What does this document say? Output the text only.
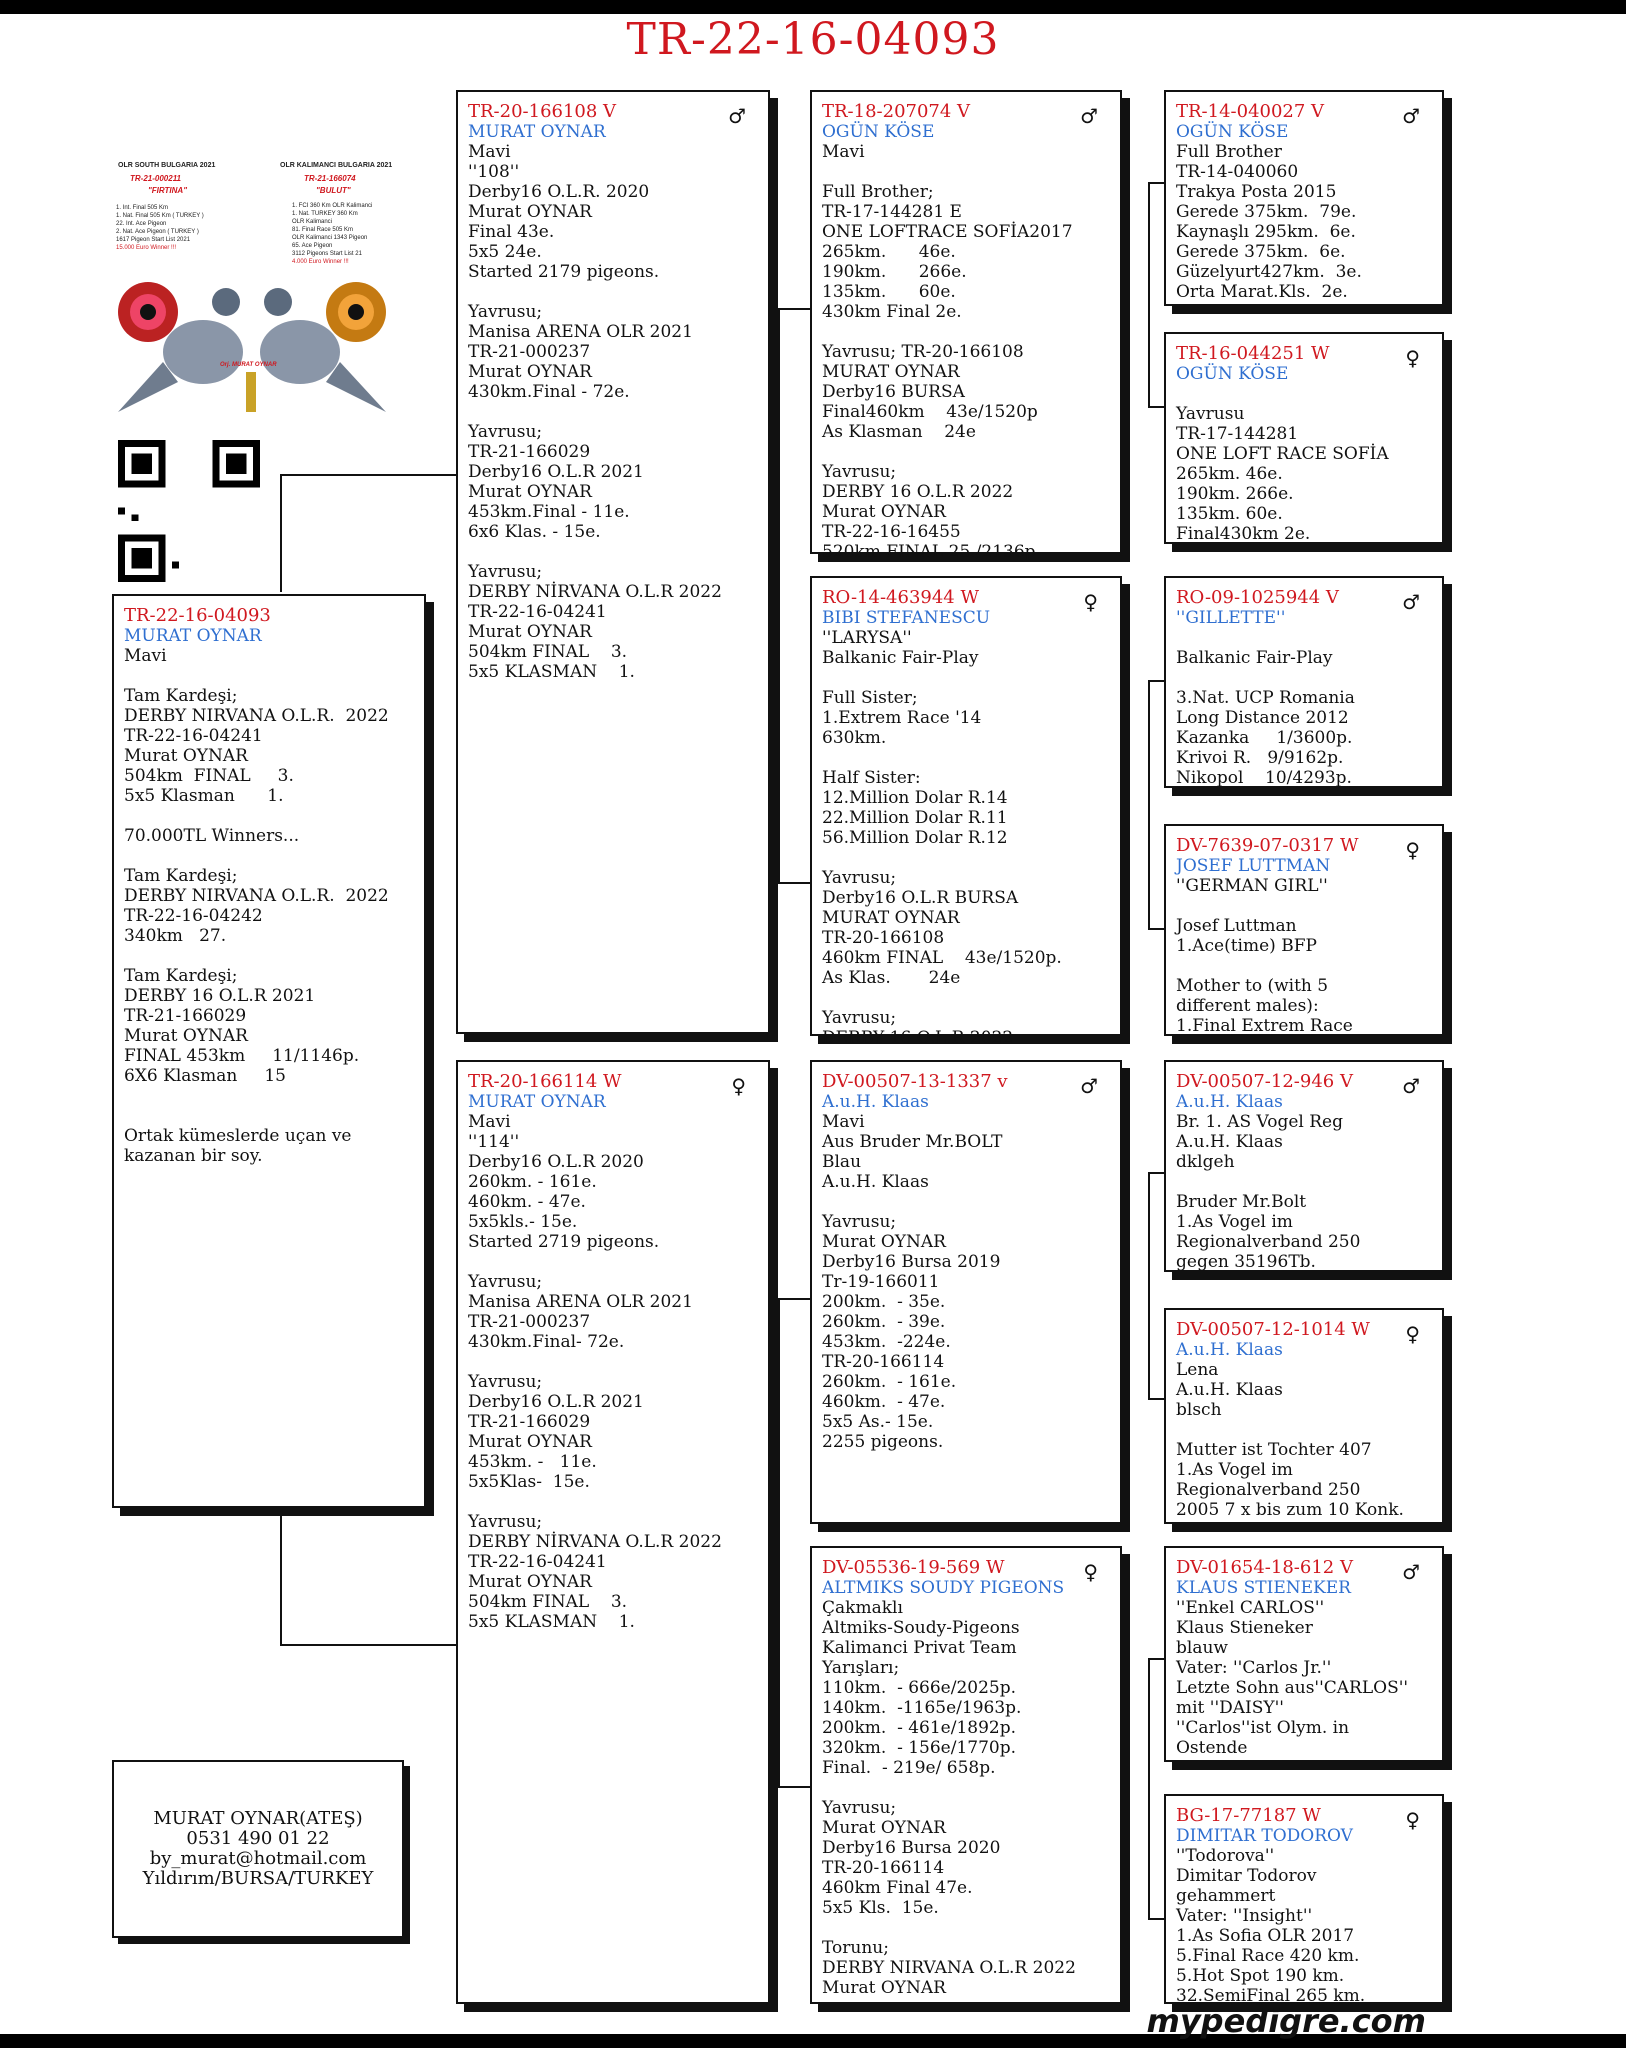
TR-22-16-04093
OLR SOUTH BULGARIA 2021
TR-21-000211
"FIRTINA"
1. Int. Final 505 Km
1. Nat. Final 505 Km ( TURKEY )
22. Int. Ace Pigeon
2. Nat. Ace Pigeon ( TURKEY )
1617 Pigeon Start List 2021
15.000 Euro Winner !!!
OLR KALIMANCI BULGARIA 2021
TR-21-166074
"BULUT"
1. FCI 360 Km OLR Kalimanci
1. Nat. TURKEY 360 Km
OLR Kalimanci
81. Final Race 505 Km
OLR Kalimanci 1343 Pigeon
65. Ace Pigeon
3112 Pigeons Start List 21
4.000 Euro Winner !!!
Orj. MURAT OYNAR
TR-22-16-04093
MURAT OYNAR
Mavi
Tam Kardeşi;
DERBY NIRVANA O.L.R.  2022
TR-22-16-04241
Murat OYNAR
504km  FINAL     3.
5x5 Klasman      1.
70.000TL Winners...
Tam Kardeşi;
DERBY NIRVANA O.L.R.  2022
TR-22-16-04242
340km   27.
Tam Kardeşi;
DERBY 16 O.L.R 2021
TR-21-166029
Murat OYNAR
FINAL 453km     11/1146p.
6X6 Klasman     15
Ortak kümeslerde uçan ve
kazanan bir soy.
♂
TR-20-166108 V
MURAT OYNAR
Mavi
''108''
Derby16 O.L.R. 2020
Murat OYNAR
Final 43e.
5x5 24e.
Started 2179 pigeons.
Yavrusu;
Manisa ARENA OLR 2021
TR-21-000237
Murat OYNAR
430km.Final - 72e.
Yavrusu;
TR-21-166029
Derby16 O.L.R 2021
Murat OYNAR
453km.Final - 11e.
6x6 Klas. - 15e.
Yavrusu;
DERBY NİRVANA O.L.R 2022
TR-22-16-04241
Murat OYNAR
504km FINAL    3.
5x5 KLASMAN    1.
♀
TR-20-166114 W
MURAT OYNAR
Mavi
''114''
Derby16 O.L.R 2020
260km. - 161e.
460km. - 47e.
5x5kls.- 15e.
Started 2719 pigeons.
Yavrusu;
Manisa ARENA OLR 2021
TR-21-000237
430km.Final- 72e.
Yavrusu;
Derby16 O.L.R 2021
TR-21-166029
Murat OYNAR
453km. -   11e.
5x5Klas-  15e.
Yavrusu;
DERBY NİRVANA O.L.R 2022
TR-22-16-04241
Murat OYNAR
504km FINAL    3.
5x5 KLASMAN    1.
♂
TR-18-207074 V
OGÜN KÖSE
Mavi
Full Brother;
TR-17-144281 E
ONE LOFTRACE SOFİA2017
265km.      46e.
190km.      266e.
135km.      60e.
430km Final 2e.
Yavrusu; TR-20-166108
MURAT OYNAR
Derby16 BURSA
Final460km    43e/1520p
As Klasman    24e
Yavrusu;
DERBY 16 O.L.R 2022
Murat OYNAR
TR-22-16-16455
520km FINAL 25./2136p
♀
RO-14-463944 W
BIBI STEFANESCU
''LARYSA''
Balkanic Fair-Play
Full Sister;
1.Extrem Race '14
630km.
Half Sister:
12.Million Dolar R.14
22.Million Dolar R.11
56.Million Dolar R.12
Yavrusu;
Derby16 O.L.R BURSA
MURAT OYNAR
TR-20-166108
460km FINAL    43e/1520p.
As Klas.       24e
Yavrusu;
DERBY 16 O.L.R 2022
♂
DV-00507-13-1337 v
A.u.H. Klaas
Mavi
Aus Bruder Mr.BOLT
Blau
A.u.H. Klaas
Yavrusu;
Murat OYNAR
Derby16 Bursa 2019
Tr-19-166011
200km.  - 35e.
260km.  - 39e.
453km.  -224e.
TR-20-166114
260km.  - 161e.
460km.  - 47e.
5x5 As.- 15e.
2255 pigeons.
♀
DV-05536-19-569 W
ALTMIKS SOUDY PIGEONS
Çakmaklı
Altmiks-Soudy-Pigeons
Kalimanci Privat Team
Yarışları;
110km.  - 666e/2025p.
140km.  -1165e/1963p.
200km.  - 461e/1892p.
320km.  - 156e/1770p.
Final.  - 219e/ 658p.
Yavrusu;
Murat OYNAR
Derby16 Bursa 2020
TR-20-166114
460km Final 47e.
5x5 Kls.  15e.
Torunu;
DERBY NIRVANA O.L.R 2022
Murat OYNAR
♂
TR-14-040027 V
OGÜN KÖSE
Full Brother
TR-14-040060
Trakya Posta 2015
Gerede 375km.  79e.
Kaynaşlı 295km.  6e.
Gerede 375km.  6e.
Güzelyurt427km.  3e.
Orta Marat.Kls.  2e.
♀
TR-16-044251 W
OGÜN KÖSE
Yavrusu
TR-17-144281
ONE LOFT RACE SOFİA
265km. 46e.
190km. 266e.
135km. 60e.
Final430km 2e.
♂
RO-09-1025944 V
''GILLETTE''
Balkanic Fair-Play
3.Nat. UCP Romania
Long Distance 2012
Kazanka     1/3600p.
Krivoi R.   9/9162p.
Nikopol    10/4293p.
♀
DV-7639-07-0317 W
JOSEF LUTTMAN
''GERMAN GIRL''
Josef Luttman
1.Ace(time) BFP
Mother to (with 5
different males):
1.Final Extrem Race
♂
DV-00507-12-946 V
A.u.H. Klaas
Br. 1. AS Vogel Reg
A.u.H. Klaas
dklgeh
Bruder Mr.Bolt
1.As Vogel im
Regionalverband 250
gegen 35196Tb.
♀
DV-00507-12-1014 W
A.u.H. Klaas
Lena
A.u.H. Klaas
blsch
Mutter ist Tochter 407
1.As Vogel im
Regionalverband 250
2005 7 x bis zum 10 Konk.
♂
DV-01654-18-612 V
KLAUS STIENEKER
''Enkel CARLOS''
Klaus Stieneker
blauw
Vater: ''Carlos Jr.''
Letzte Sohn aus''CARLOS''
mit ''DAISY''
''Carlos''ist Olym. in
Ostende
♀
BG-17-77187 W
DIMITAR TODOROV
''Todorova''
Dimitar Todorov
gehammert
Vater: ''Insight''
1.As Sofia OLR 2017
5.Final Race 420 km.
5.Hot Spot 190 km.
32.SemiFinal 265 km.
MURAT OYNAR(ATEŞ)
0531 490 01 22
by_murat@hotmail.com
Yıldırım/BURSA/TURKEY
mypedigre.com
